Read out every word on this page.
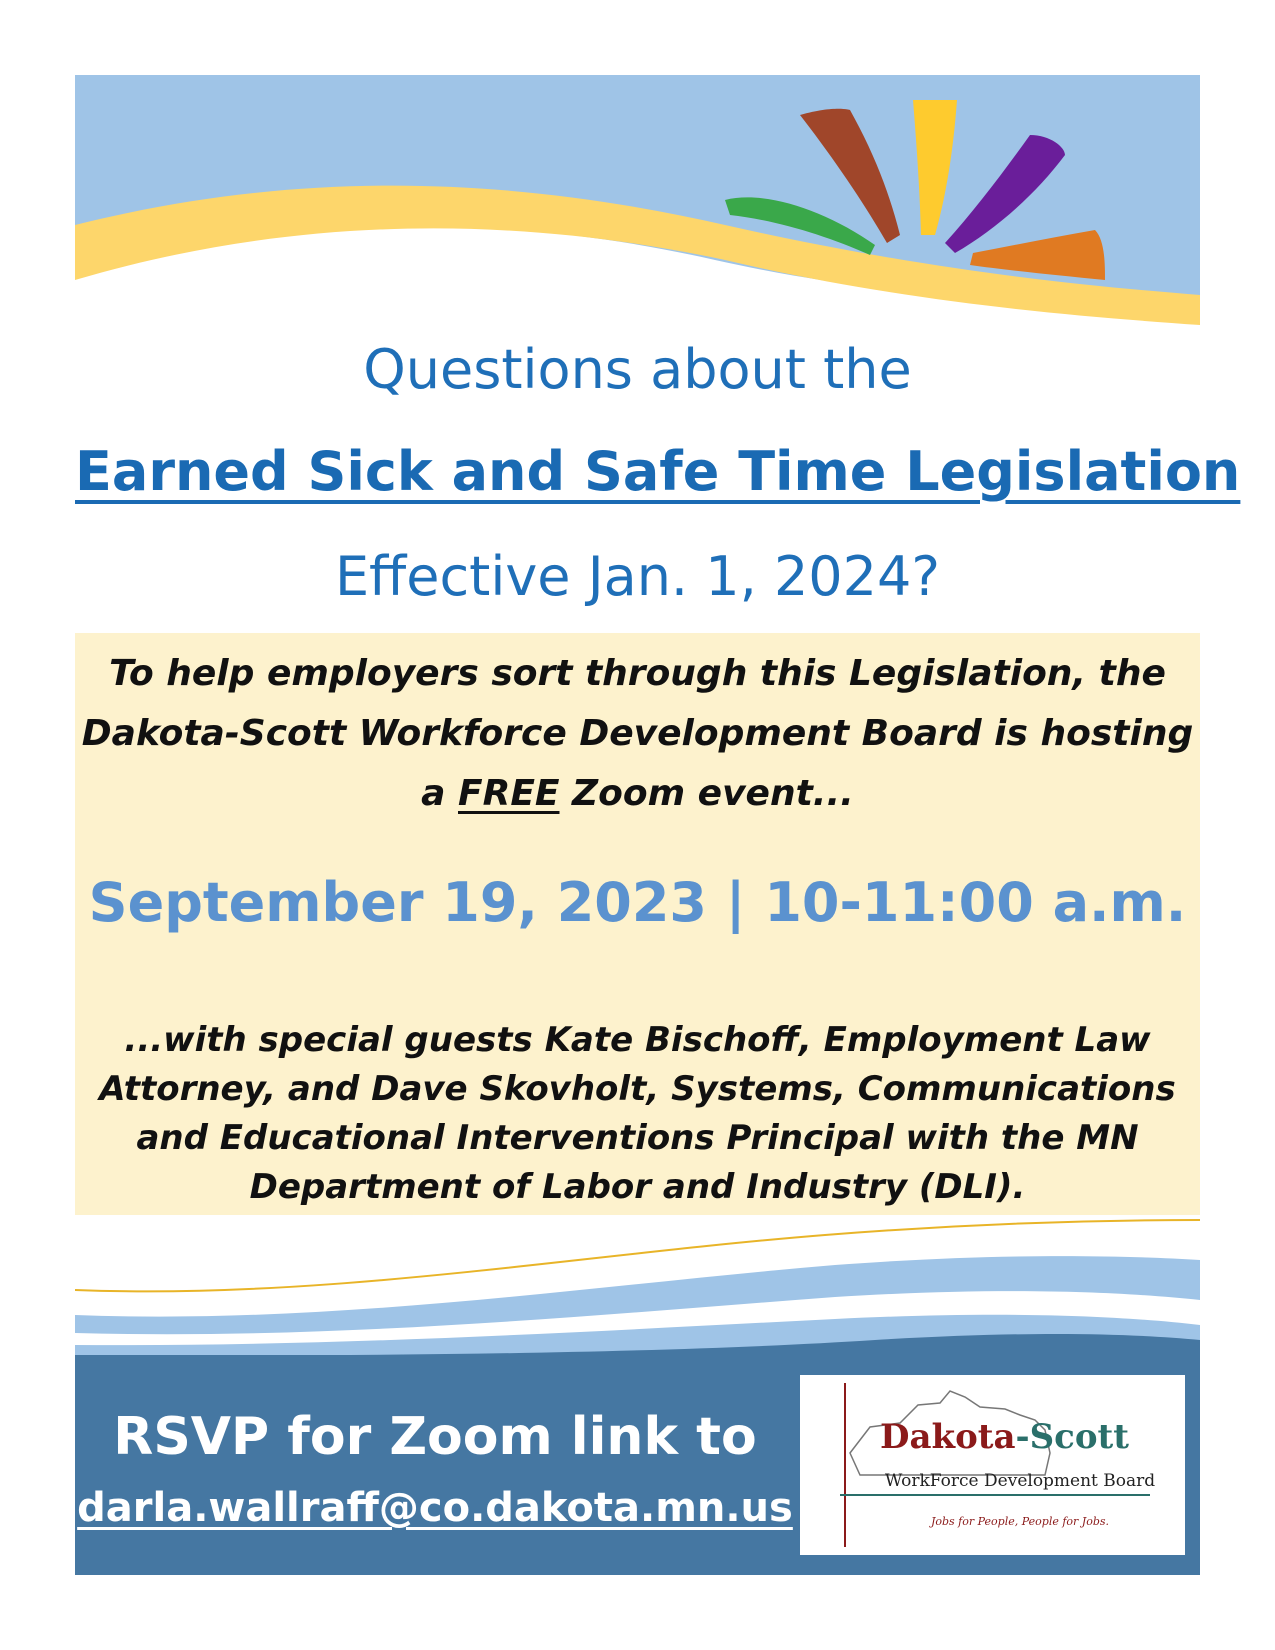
Questions about the
Earned Sick and Safe Time Legislation
Effective Jan. 1, 2024?
To help employers sort through this Legislation, the
Dakota-Scott Workforce Development Board is hosting
a FREE Zoom event...
September 19, 2023 | 10-11:00 a.m.
...with special guests Kate Bischoff, Employment Law
Attorney, and Dave Skovholt, Systems, Communications
and Educational Interventions Principal with the MN
Department of Labor and Industry (DLI).
RSVP for Zoom link to
darla.wallraff@co.dakota.mn.us
Dakota-Scott
WorkForce Development Board
Jobs for People, People for Jobs.
